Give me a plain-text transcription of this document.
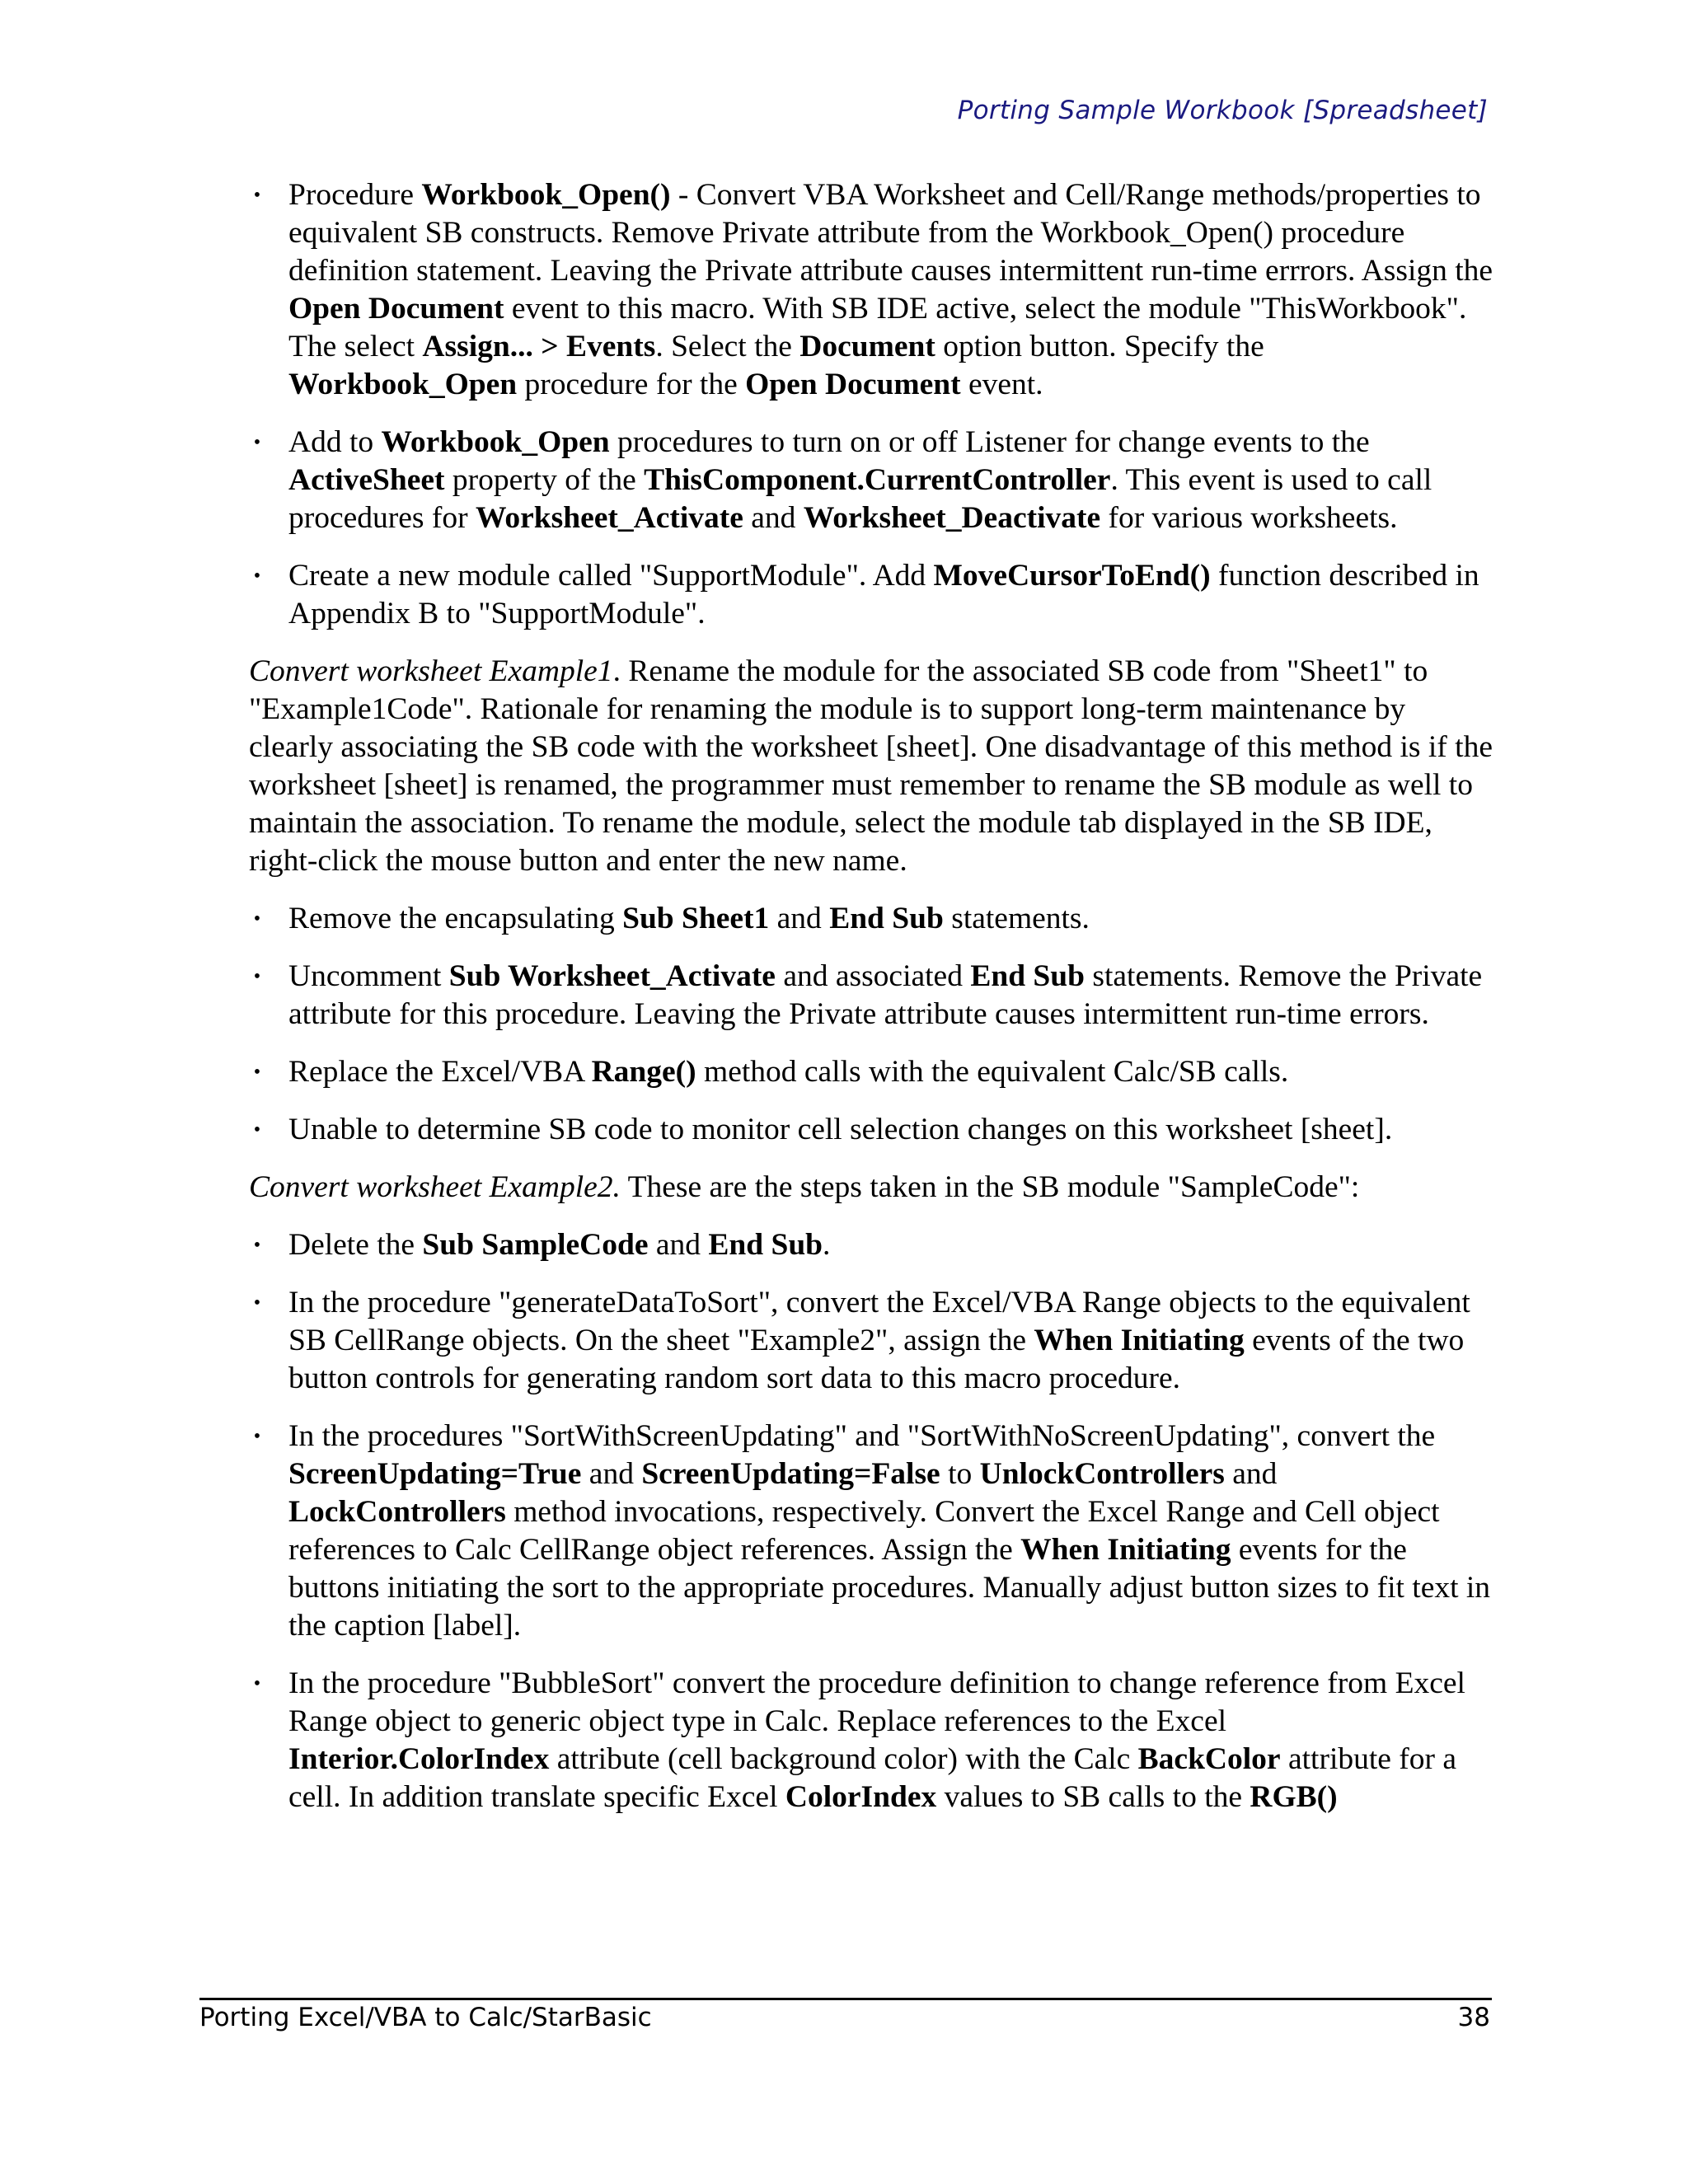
Porting Sample Workbook [Spreadsheet]
• Procedure Workbook_Open() - Convert VBA Worksheet and Cell/Range methods/properties to equivalent SB constructs. Remove Private attribute from the Workbook_Open() procedure definition statement. Leaving the Private attribute causes intermittent run-time errrors. Assign the Open Document event to this macro. With SB IDE active, select the module "ThisWorkbook". The select Assign... > Events. Select the Document option button. Specify the Workbook_Open procedure for the Open Document event.
• Add to Workbook_Open procedures to turn on or off Listener for change events to the ActiveSheet property of the ThisComponent.CurrentController. This event is used to call procedures for Worksheet_Activate and Worksheet_Deactivate for various worksheets.
• Create a new module called "SupportModule". Add MoveCursorToEnd() function described in Appendix B to "SupportModule".

Convert worksheet Example1. Rename the module for the associated SB code from "Sheet1" to "Example1Code". Rationale for renaming the module is to support long-term maintenance by clearly associating the SB code with the worksheet [sheet]. One disadvantage of this method is if the worksheet [sheet] is renamed, the programmer must remember to rename the SB module as well to maintain the association. To rename the module, select the module tab displayed in the SB IDE, right-click the mouse button and enter the new name.

• Remove the encapsulating Sub Sheet1 and End Sub statements.
• Uncomment Sub Worksheet_Activate and associated End Sub statements. Remove the Private attribute for this procedure. Leaving the Private attribute causes intermittent run-time errors.
• Replace the Excel/VBA Range() method calls with the equivalent Calc/SB calls.
• Unable to determine SB code to monitor cell selection changes on this worksheet [sheet].

Convert worksheet Example2. These are the steps taken in the SB module "SampleCode":

• Delete the Sub SampleCode and End Sub.
• In the procedure "generateDataToSort", convert the Excel/VBA Range objects to the equivalent SB CellRange objects. On the sheet "Example2", assign the When Initiating events of the two button controls for generating random sort data to this macro procedure.
• In the procedures "SortWithScreenUpdating" and "SortWithNoScreenUpdating", convert the ScreenUpdating=True and ScreenUpdating=False to UnlockControllers and LockControllers method invocations, respectively. Convert the Excel Range and Cell object references to Calc CellRange object references. Assign the When Initiating events for the buttons initiating the sort to the appropriate procedures. Manually adjust button sizes to fit text in the caption [label].
• In the procedure "BubbleSort" convert the procedure definition to change reference from Excel Range object to generic object type in Calc. Replace references to the Excel Interior.ColorIndex attribute (cell background color) with the Calc BackColor attribute for a cell. In addition translate specific Excel ColorIndex values to SB calls to the RGB()
Porting Excel/VBA to Calc/StarBasic	38
